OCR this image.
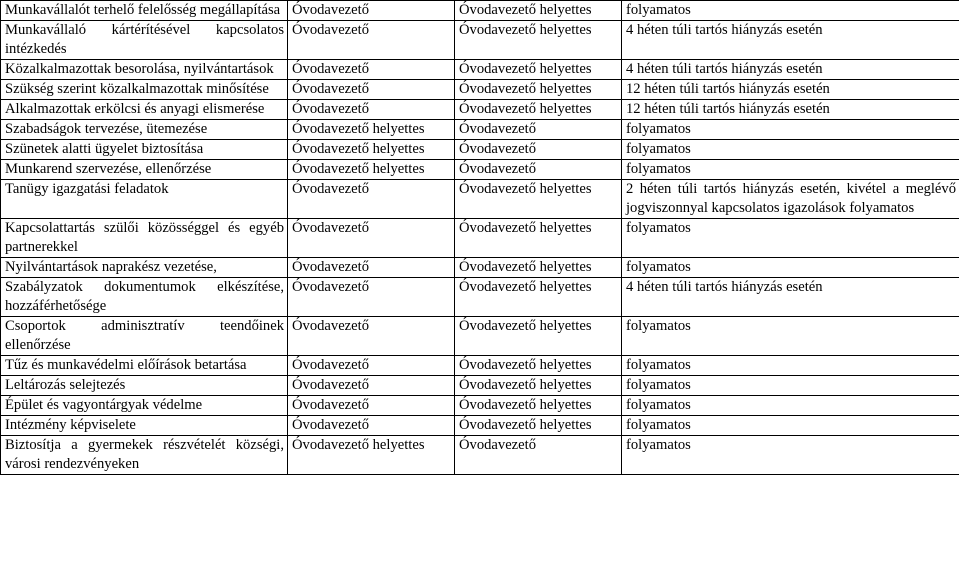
Munkavállalót terhelő felelősség megállapítása	Óvodavezető	Óvodavezető helyettes	folyamatos
Munkavállaló kártérítésével kapcsolatos intézkedés	Óvodavezető	Óvodavezető helyettes	4 héten túli tartós hiányzás esetén
Közalkalmazottak besorolása, nyilvántartások	Óvodavezető	Óvodavezető helyettes	4 héten túli tartós hiányzás esetén
Szükség szerint közalkalmazottak minősítése	Óvodavezető	Óvodavezető helyettes	12 héten túli tartós hiányzás esetén
Alkalmazottak erkölcsi és anyagi elismerése	Óvodavezető	Óvodavezető helyettes	12 héten túli tartós hiányzás esetén
Szabadságok tervezése, ütemezése	Óvodavezető helyettes	Óvodavezető	folyamatos
Szünetek alatti ügyelet biztosítása	Óvodavezető helyettes	Óvodavezető	folyamatos
Munkarend szervezése, ellenőrzése	Óvodavezető helyettes	Óvodavezető	folyamatos
Tanügy igazgatási feladatok	Óvodavezető	Óvodavezető helyettes	2 héten túli tartós hiányzás esetén, kivétel a meglévő jogviszonnyal kapcsolatos igazolások folyamatos
Kapcsolattartás szülői közösséggel és egyéb partnerekkel	Óvodavezető	Óvodavezető helyettes	folyamatos
Nyilvántartások naprakész vezetése,	Óvodavezető	Óvodavezető helyettes	folyamatos
Szabályzatok dokumentumok elkészítése, hozzáférhetősége	Óvodavezető	Óvodavezető helyettes	4 héten túli tartós hiányzás esetén
Csoportok adminisztratív teendőinek ellenőrzése	Óvodavezető	Óvodavezető helyettes	folyamatos
Tűz és munkavédelmi előírások betartása	Óvodavezető	Óvodavezető helyettes	folyamatos
Leltározás selejtezés	Óvodavezető	Óvodavezető helyettes	folyamatos
Épület és vagyontárgyak védelme	Óvodavezető	Óvodavezető helyettes	folyamatos
Intézmény képviselete	Óvodavezető	Óvodavezető helyettes	folyamatos
Biztosítja a gyermekek részvételét községi, városi rendezvényeken	Óvodavezető helyettes	Óvodavezető	folyamatos
